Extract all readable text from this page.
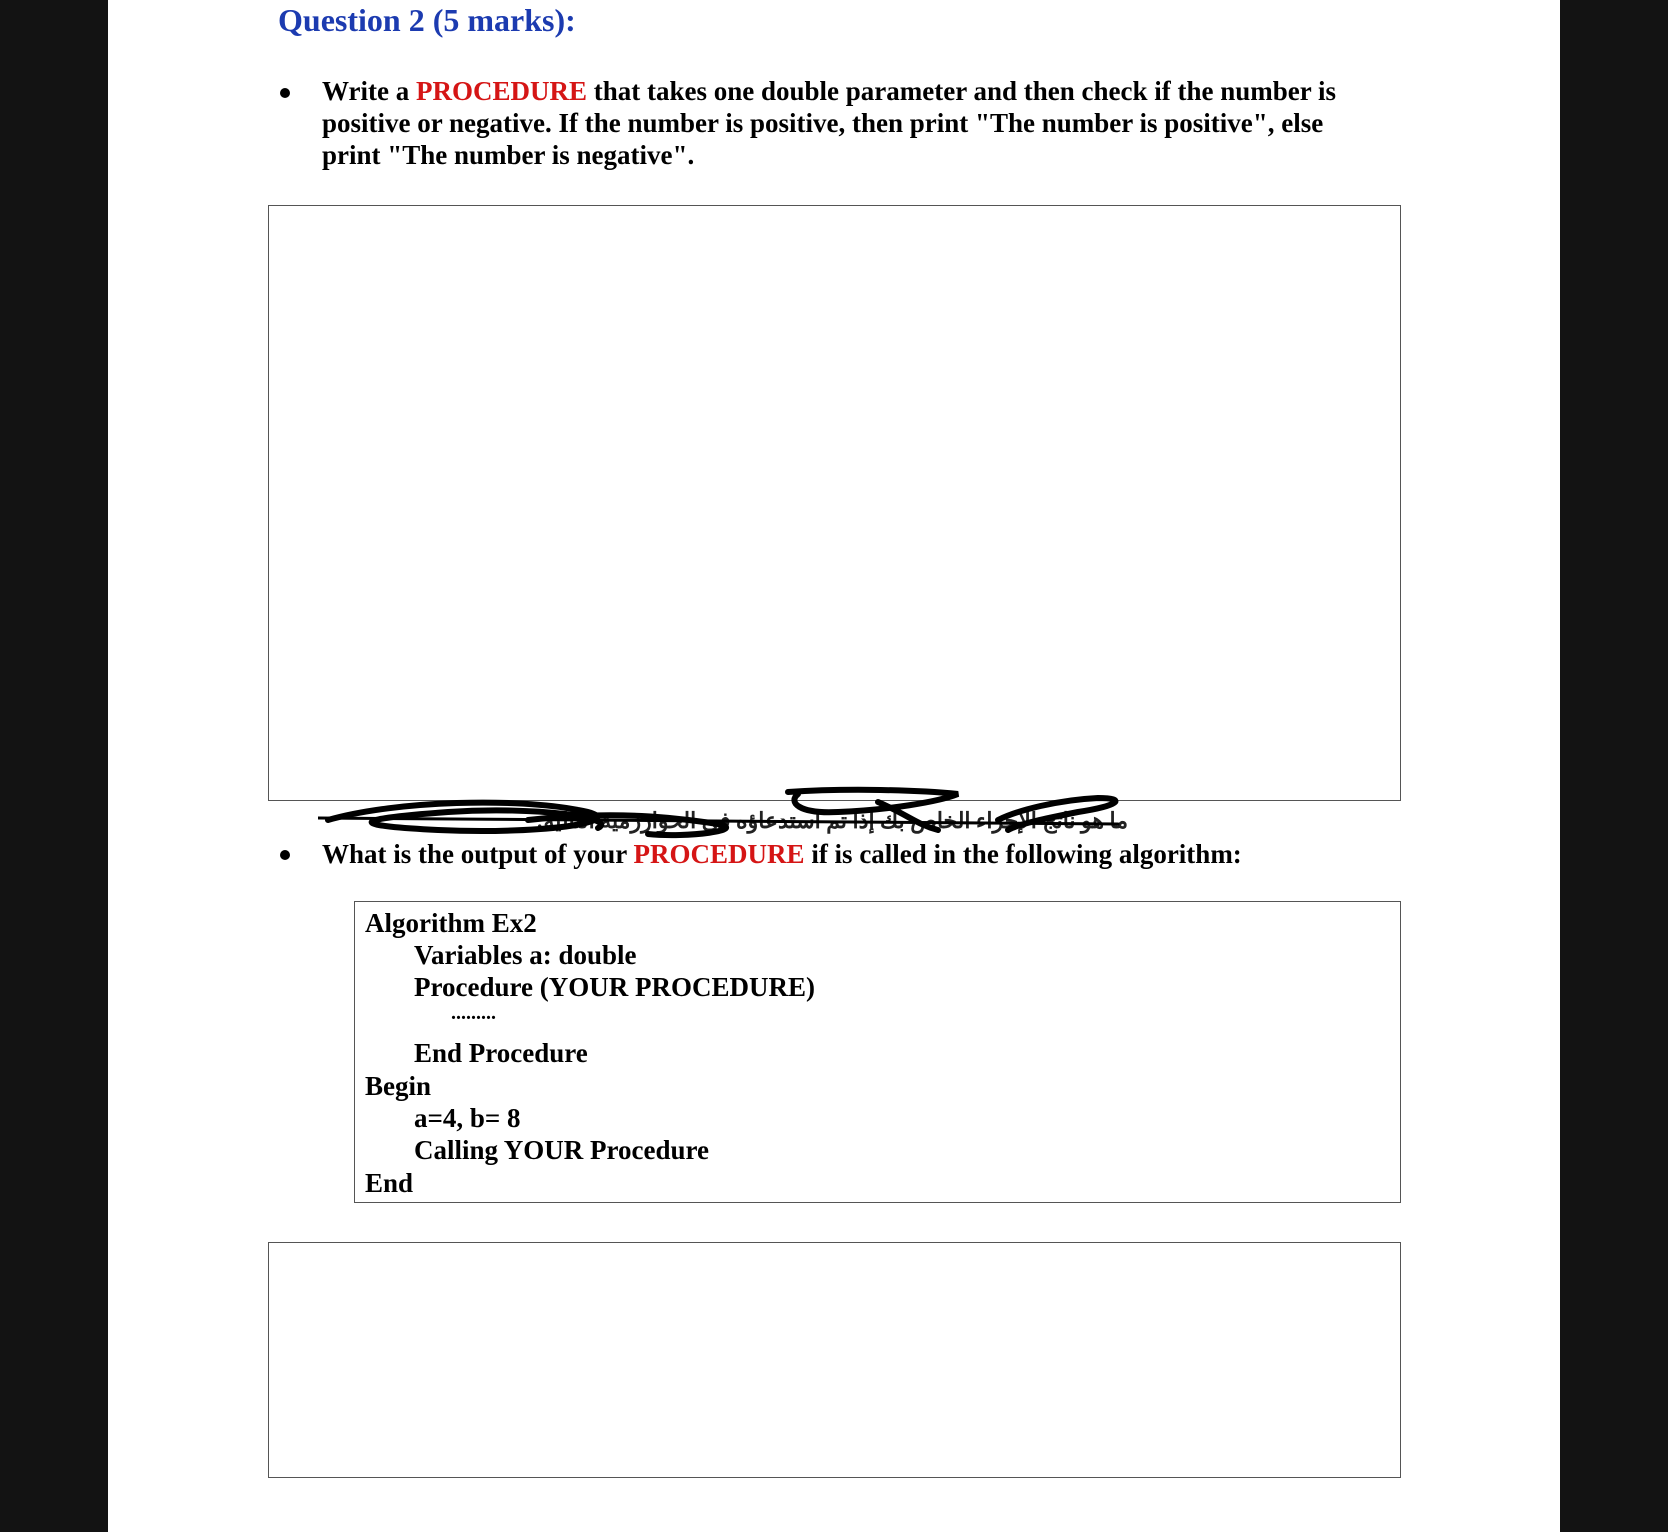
Question 2 (5 marks):
Write a PROCEDURE that takes one double parameter and then check if the number is positive or negative. If the number is positive, then print "The number is positive", else print "The number is negative".
ما هو ناتج الإجراء الخاص بك إذا تم استدعاؤه في الخوارزمية التالية:
What is the output of your PROCEDURE if is called in the following algorithm:
Algorithm Ex2
Variables a: double
Procedure (YOUR PROCEDURE)
.........
End Procedure
Begin
a=4, b= 8
Calling YOUR Procedure
End
